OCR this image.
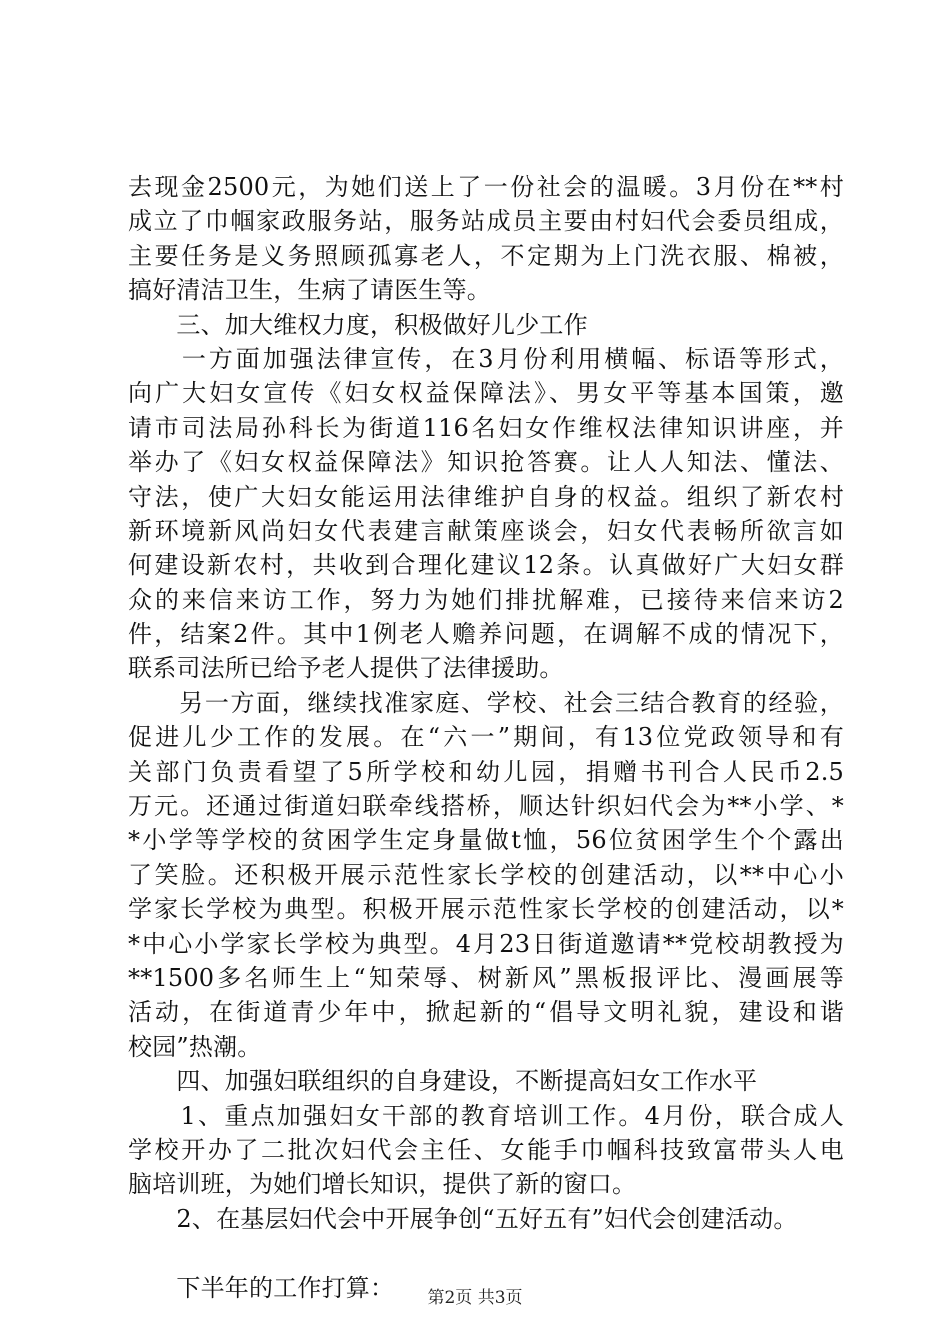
去现金2500元，为她们送上了一份社会的温暖。3月份在**村
成立了巾帼家政服务站，服务站成员主要由村妇代会委员组成，
主要任务是义务照顾孤寡老人，不定期为上门洗衣服、棉被，
搞好清洁卫生，生病了请医生等。
　　三、加大维权力度，积极做好儿少工作
　　一方面加强法律宣传，在3月份利用横幅、标语等形式，
向广大妇女宣传《妇女权益保障法》、男女平等基本国策，邀
请市司法局孙科长为街道116名妇女作维权法律知识讲座，并
举办了《妇女权益保障法》知识抢答赛。让人人知法、懂法、
守法，使广大妇女能运用法律维护自身的权益。组织了新农村
新环境新风尚妇女代表建言献策座谈会，妇女代表畅所欲言如
何建设新农村，共收到合理化建议12条。认真做好广大妇女群
众的来信来访工作，努力为她们排扰解难，已接待来信来访2
件，结案2件。其中1例老人赡养问题，在调解不成的情况下，
联系司法所已给予老人提供了法律援助。
　　另一方面，继续找准家庭、学校、社会三结合教育的经验，
促进儿少工作的发展。在“六一”期间，有13位党政领导和有
关部门负责看望了5所学校和幼儿园，捐赠书刊合人民币2.5
万元。还通过街道妇联牵线搭桥，顺达针织妇代会为**小学、*
*小学等学校的贫困学生定身量做t恤，56位贫困学生个个露出
了笑脸。还积极开展示范性家长学校的创建活动，以**中心小
学家长学校为典型。积极开展示范性家长学校的创建活动，以*
*中心小学家长学校为典型。4月23日街道邀请**党校胡教授为
**1500多名师生上“知荣辱、树新风”黑板报评比、漫画展等
活动，在街道青少年中，掀起新的“倡导文明礼貌，建设和谐
校园”热潮。
　　四、加强妇联组织的自身建设，不断提高妇女工作水平
　　1、重点加强妇女干部的教育培训工作。4月份，联合成人
学校开办了二批次妇代会主任、女能手巾帼科技致富带头人电
脑培训班，为她们增长知识，提供了新的窗口。
　　2、在基层妇代会中开展争创“五好五有”妇代会创建活动。
　　下半年的工作打算：	第2页 共3页
